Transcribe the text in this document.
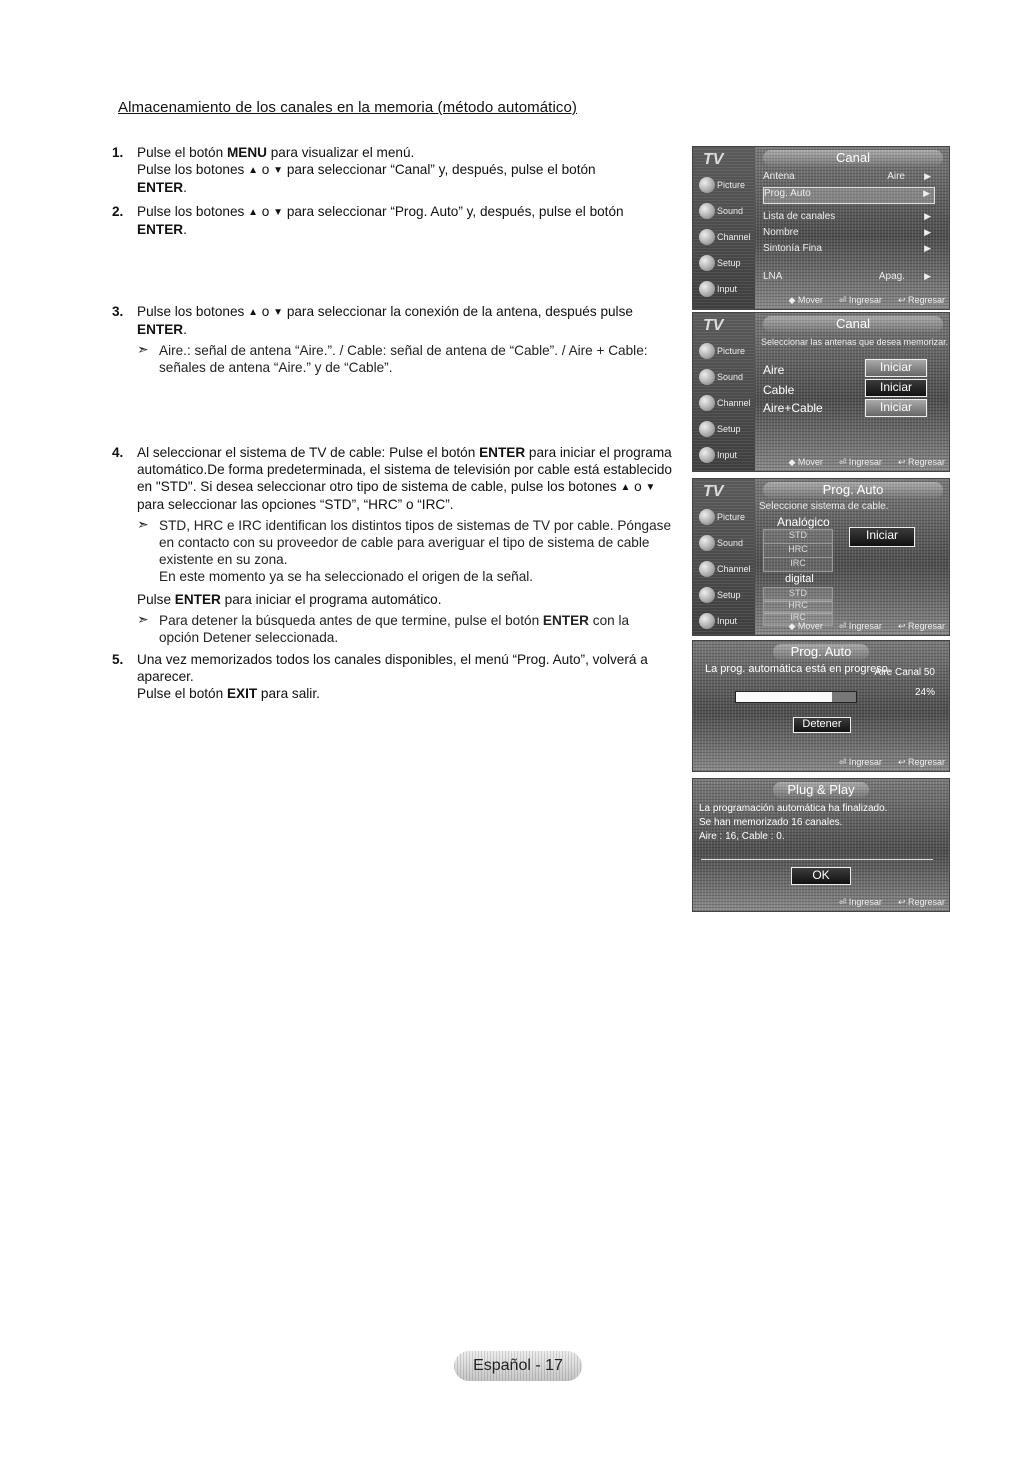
Almacenamiento de los canales en la memoria (método automático)
1. Pulse el botón MENU para visualizar el menú.
Pulse los botones ▲ o ▼ para seleccionar “Canal” y, después, pulse el botón
ENTER.
2. Pulse los botones ▲ o ▼ para seleccionar “Prog. Auto” y, después, pulse el botón
ENTER.
3. Pulse los botones ▲ o ▼ para seleccionar la conexión de la antena, después pulse ENTER.
➣ Aire.: señal de antena “Aire.”. / Cable: señal de antena de “Cable”. / Aire + Cable: señales de antena “Aire.” y de “Cable”.
4. Al seleccionar el sistema de TV de cable: Pulse el botón ENTER para iniciar el programa automático.De forma predeterminada, el sistema de televisión por cable está establecido en "STD". Si desea seleccionar otro tipo de sistema de cable, pulse los botones ▲ o ▼ para seleccionar las opciones “STD”, “HRC” o “IRC”.
➣ STD, HRC e IRC identifican los distintos tipos de sistemas de TV por cable. Póngase en contacto con su proveedor de cable para averiguar el tipo de sistema de cable existente en su zona.
En este momento ya se ha seleccionado el origen de la señal.
Pulse ENTER para iniciar el programa automático.
➣ Para detener la búsqueda antes de que termine, pulse el botón ENTER con la opción Detener seleccionada.
5. Una vez memorizados todos los canales disponibles, el menú “Prog. Auto”, volverá a aparecer.
Pulse el botón EXIT para salir.
TV
Picture
Sound
Channel
Setup
Input
Canal
Antena	Aire ▶
Prog. Auto	▶
Lista de canales	▶
Nombre	▶
Sintonía Fina	▶
LNA	Apag. ▶
◆ Mover ⏎ Ingresar ↩ Regresar
TV
Picture
Sound
Channel
Setup
Input
Canal
Seleccionar las antenas que desea memorizar.
Aire
Cable
Aire+Cable
Iniciar
Iniciar
Iniciar
◆ Mover ⏎ Ingresar ↩ Regresar
TV
Picture
Sound
Channel
Setup
Input
Prog. Auto
Seleccione sistema de cable.
Analógico
STD
HRC
IRC
digital
STD
HRC
IRC
Iniciar
◆ Mover ⏎ Ingresar ↩ Regresar
Prog. Auto
La prog. automática está en progreso.
Aire Canal 50
24%
Detener
⏎ Ingresar ↩ Regresar
Plug & Play
La programación automática ha finalizado.
Se han memorizado 16 canales.
Aire : 16, Cable : 0.
OK
⏎ Ingresar ↩ Regresar
Español - 17
